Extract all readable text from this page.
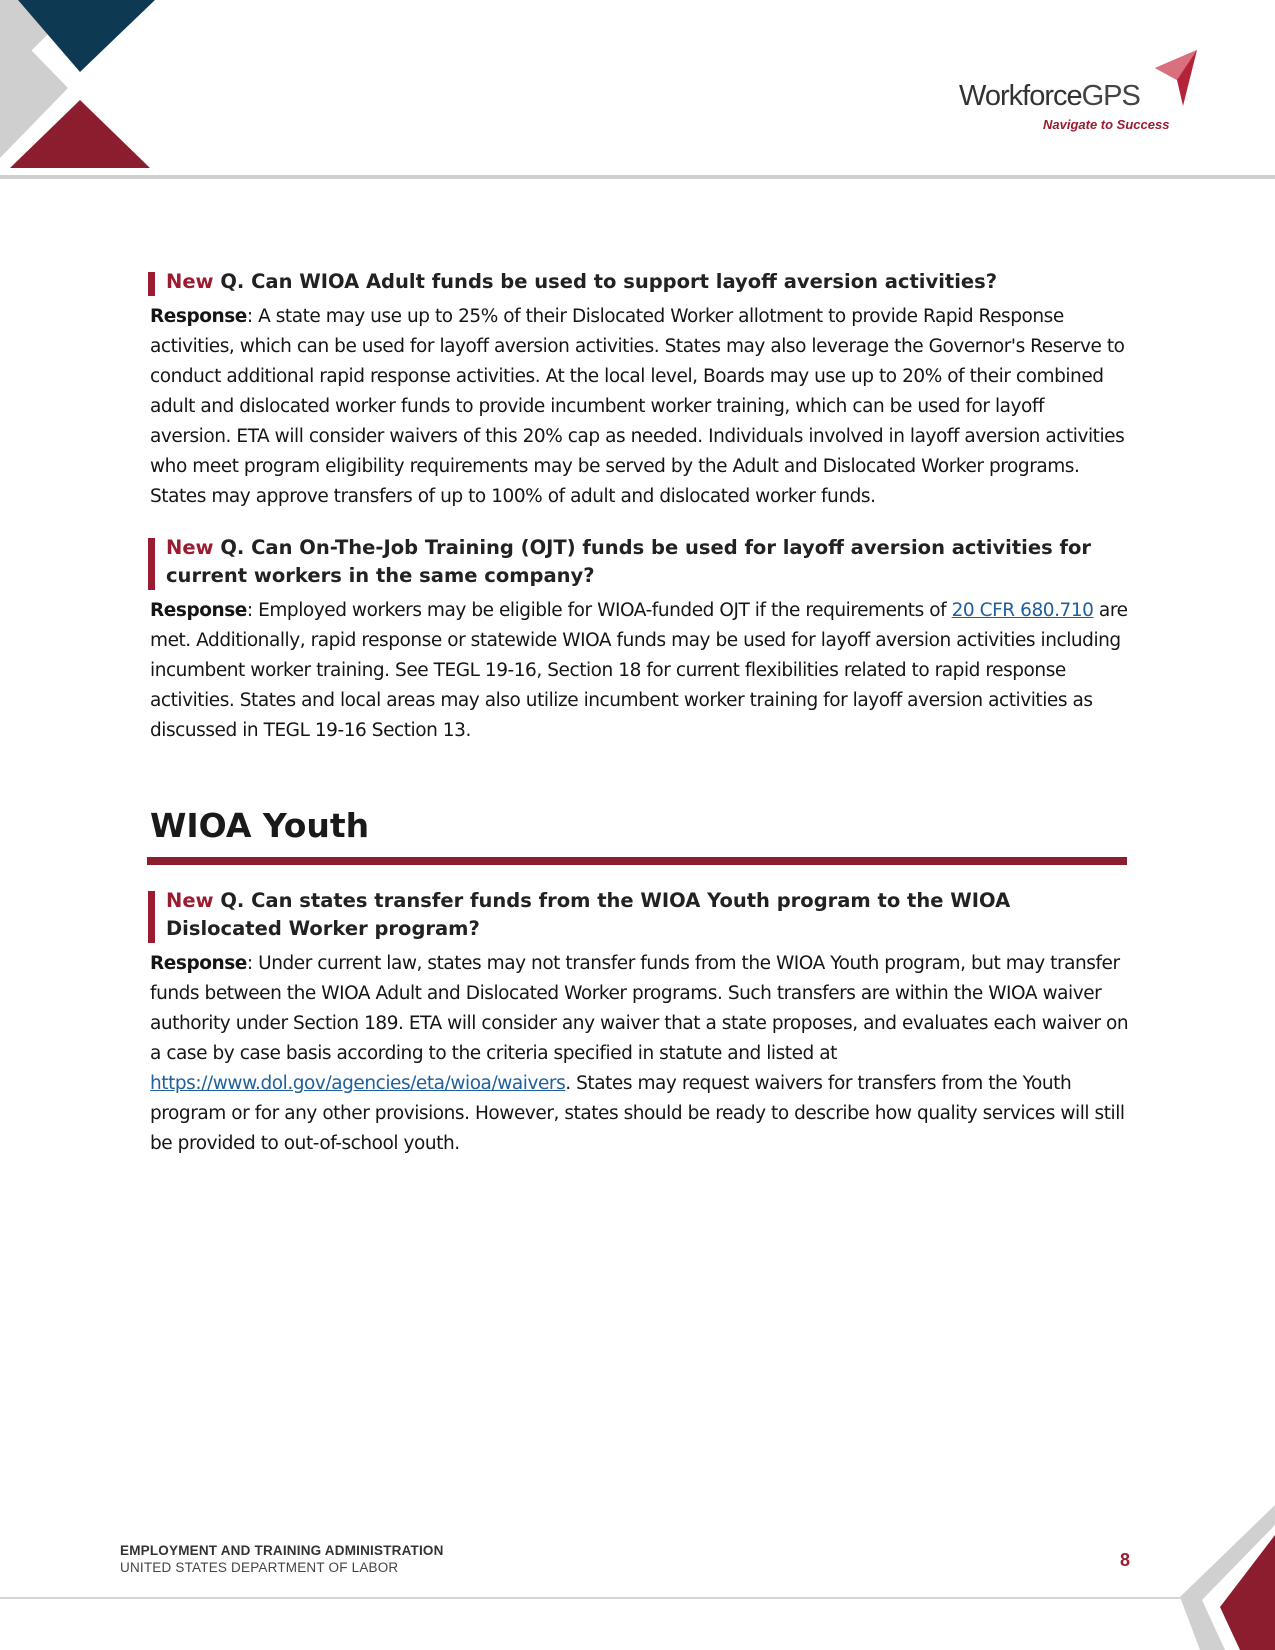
WorkforceGPS
Navigate to Success
New Q. Can WIOA Adult funds be used to support layoff aversion activities?

Response: A state may use up to 25% of their Dislocated Worker allotment to provide Rapid Response activities, which can be used for layoff aversion activities. States may also leverage the Governor's Reserve to conduct additional rapid response activities. At the local level, Boards may use up to 20% of their combined adult and dislocated worker funds to provide incumbent worker training, which can be used for layoff aversion. ETA will consider waivers of this 20% cap as needed. Individuals involved in layoff aversion activities who meet program eligibility requirements may be served by the Adult and Dislocated Worker programs. States may approve transfers of up to 100% of adult and dislocated worker funds.

New Q. Can On-The-Job Training (OJT) funds be used for layoff aversion activities for current workers in the same company?

Response: Employed workers may be eligible for WIOA-funded OJT if the requirements of 20 CFR 680.710 are met. Additionally, rapid response or statewide WIOA funds may be used for layoff aversion activities including incumbent worker training. See TEGL 19-16, Section 18 for current flexibilities related to rapid response activities. States and local areas may also utilize incumbent worker training for layoff aversion activities as discussed in TEGL 19-16 Section 13.

WIOA Youth
New Q. Can states transfer funds from the WIOA Youth program to the WIOA Dislocated Worker program?

Response: Under current law, states may not transfer funds from the WIOA Youth program, but may transfer funds between the WIOA Adult and Dislocated Worker programs. Such transfers are within the WIOA waiver authority under Section 189. ETA will consider any waiver that a state proposes, and evaluates each waiver on a case by case basis according to the criteria specified in statute and listed at https://www.dol.gov/agencies/eta/wioa/waivers. States may request waivers for transfers from the Youth program or for any other provisions. However, states should be ready to describe how quality services will still be provided to out-of-school youth.

EMPLOYMENT AND TRAINING ADMINISTRATION
UNITED STATES DEPARTMENT OF LABOR	8
